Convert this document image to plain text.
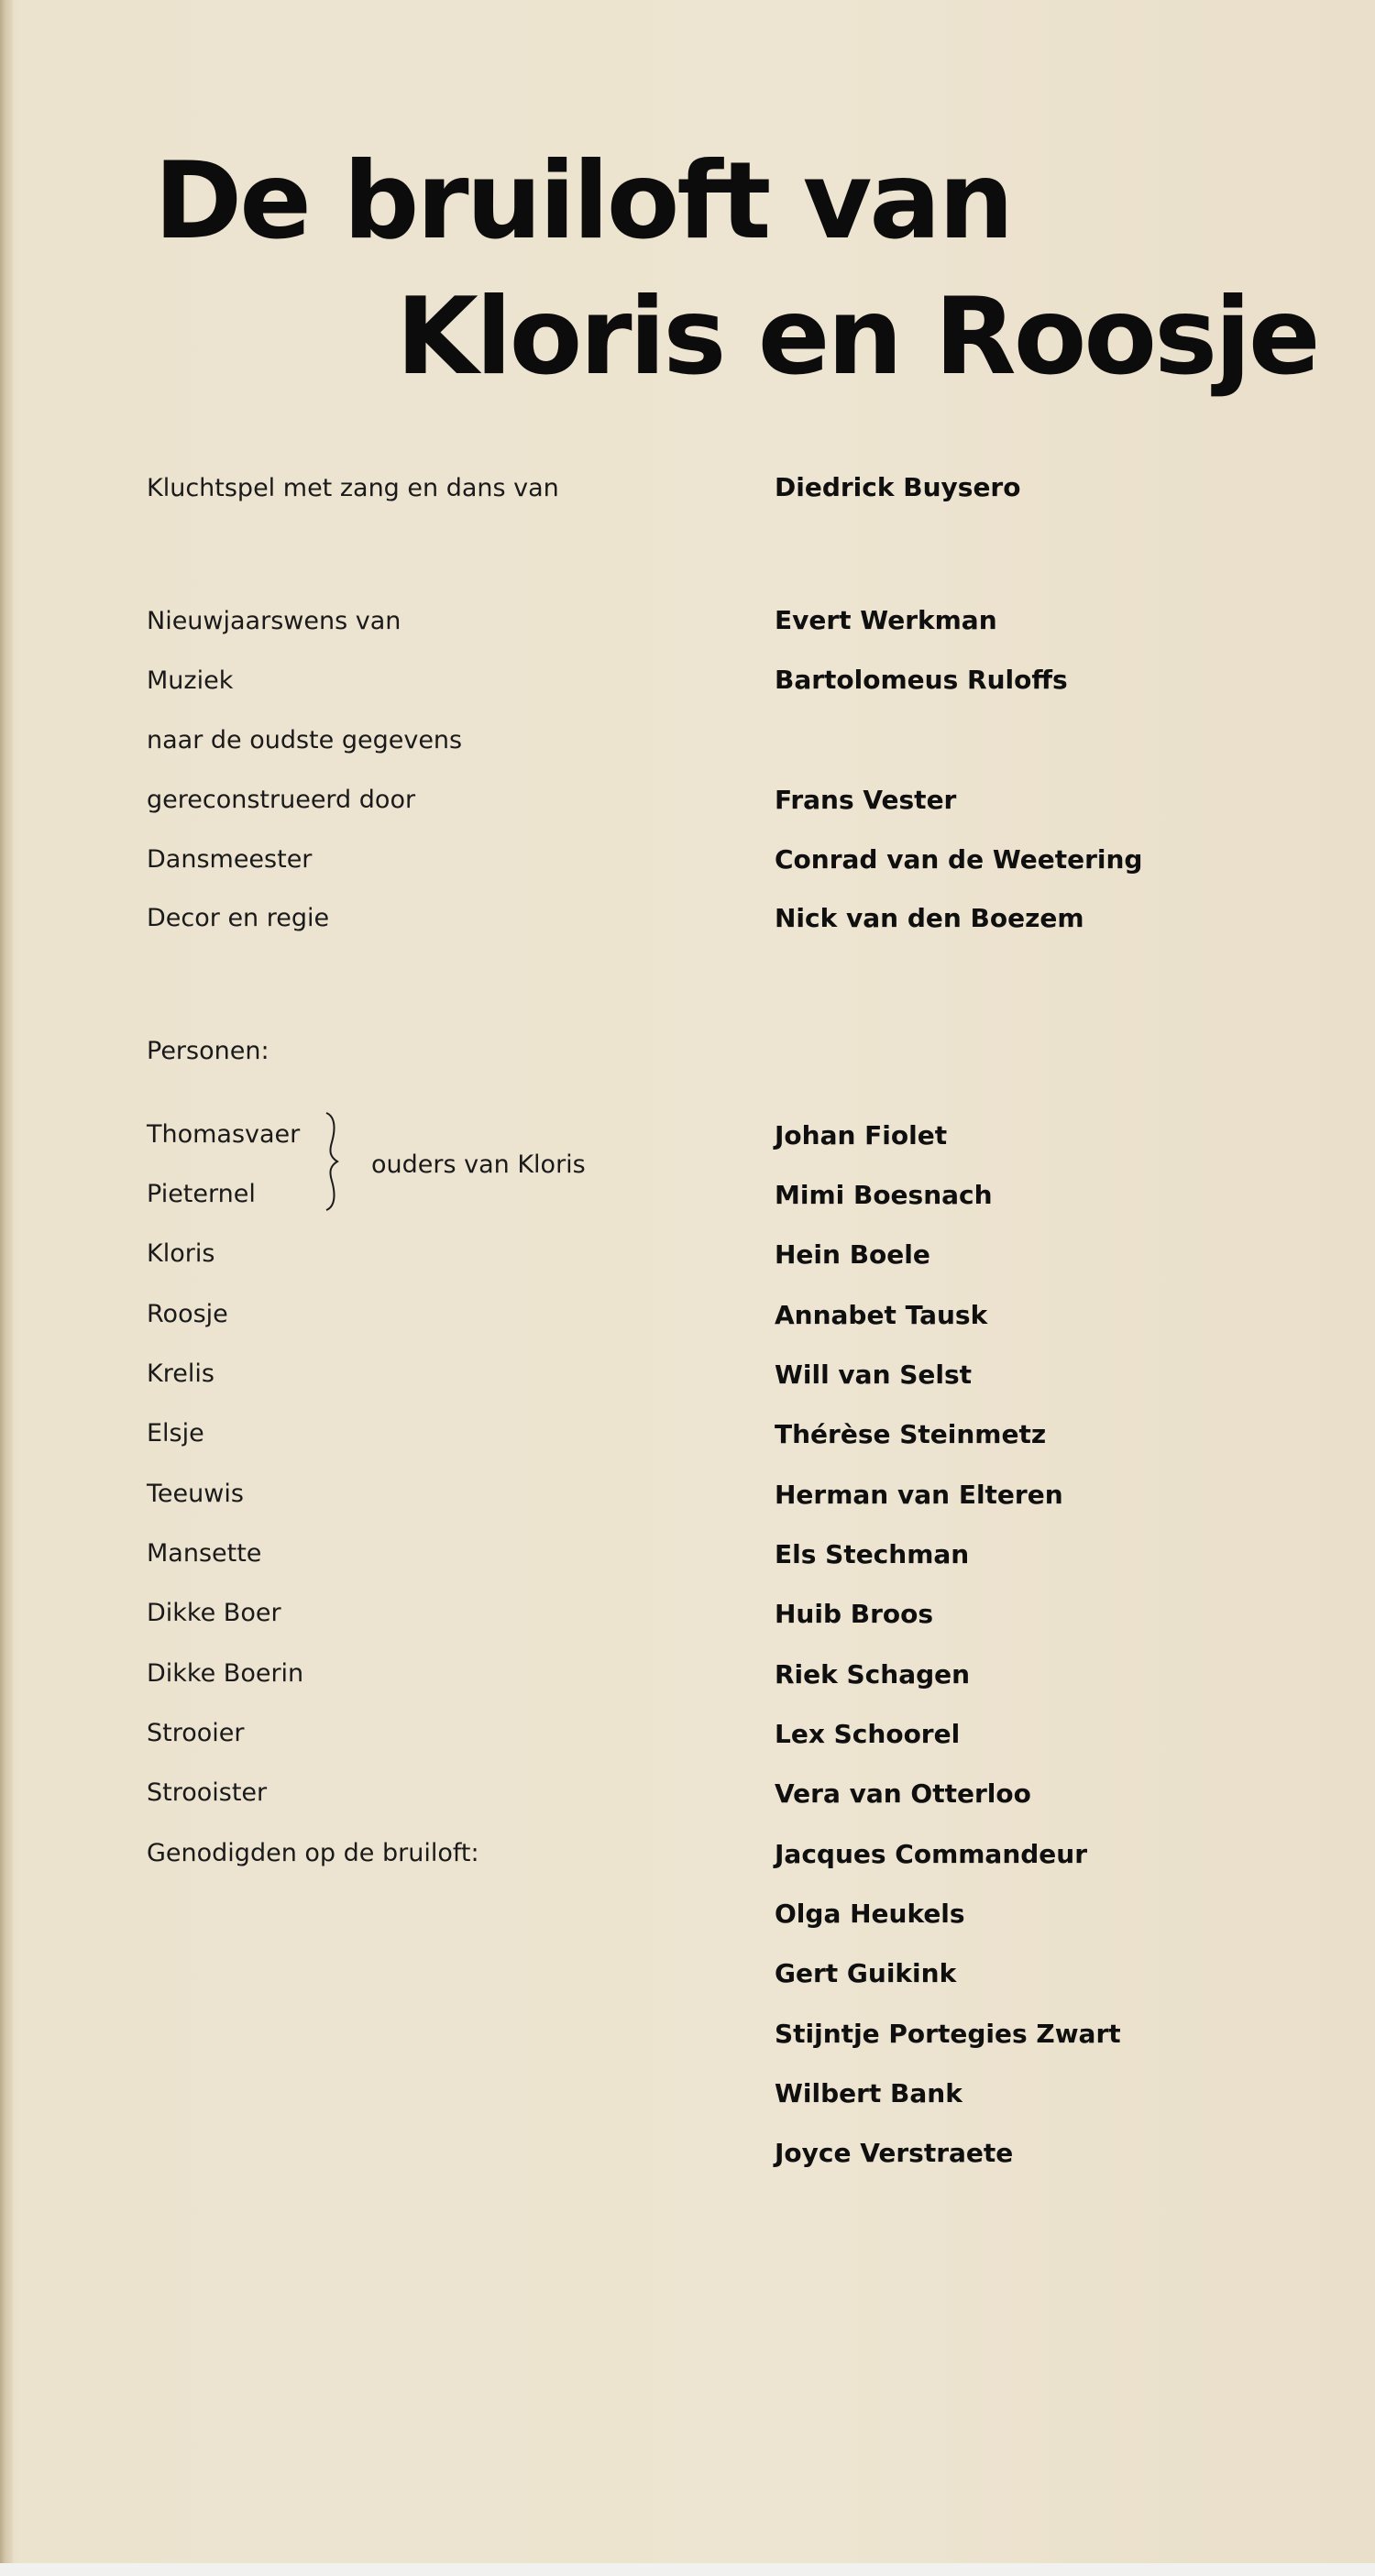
De bruiloft van
Kloris en Roosje
Kluchtspel met zang en dans van	Diedrick Buysero
Nieuwjaarswens van	Evert Werkman
Muziek	Bartolomeus Ruloffs
naar de oudste gegevens
gereconstrueerd door	Frans Vester
Dansmeester	Conrad van de Weetering
Decor en regie	Nick van den Boezem
Personen:
ouders van Kloris
Thomasvaer	Johan Fiolet
Pieternel	Mimi Boesnach
Kloris	Hein Boele
Roosje	Annabet Tausk
Krelis	Will van Selst
Elsje	Thérèse Steinmetz
Teeuwis	Herman van Elteren
Mansette	Els Stechman
Dikke Boer	Huib Broos
Dikke Boerin	Riek Schagen
Strooier	Lex Schoorel
Strooister	Vera van Otterloo
Genodigden op de bruiloft:	Jacques Commandeur
Olga Heukels
Gert Guikink
Stijntje Portegies Zwart
Wilbert Bank
Joyce Verstraete
